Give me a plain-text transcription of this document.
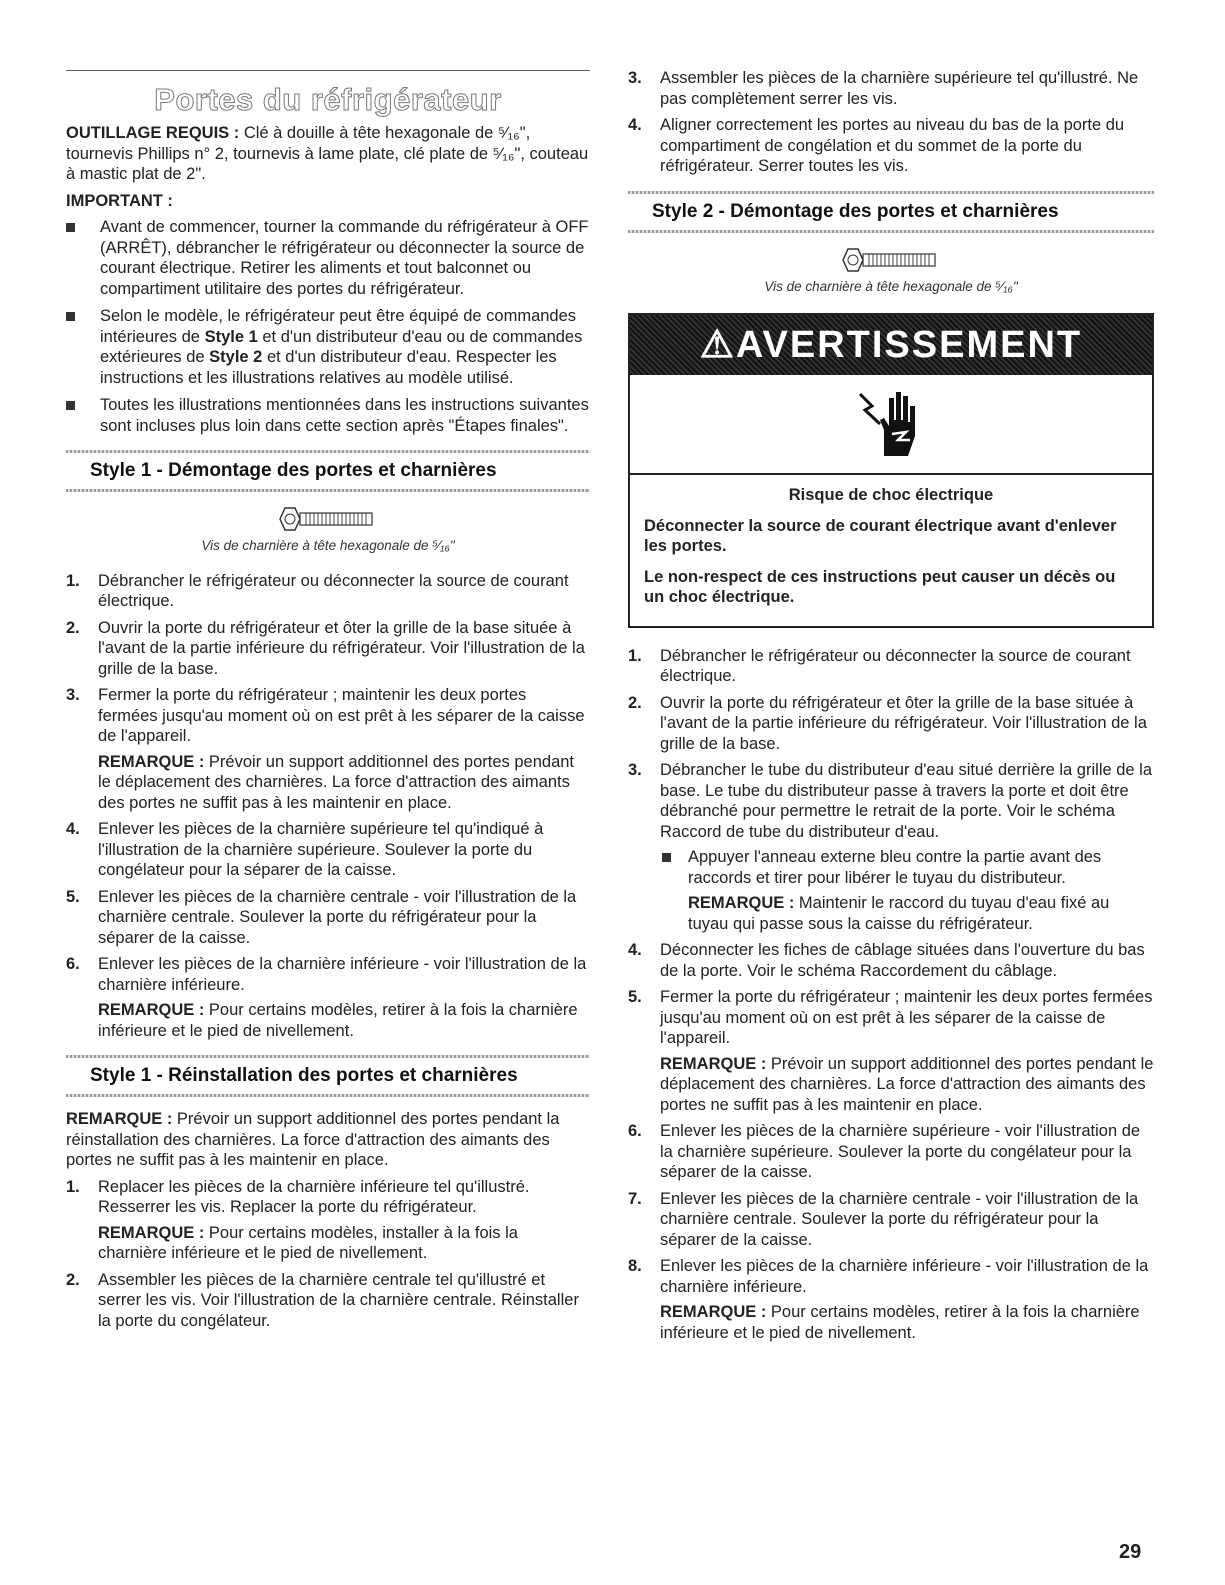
Portes du réfrigérateur

OUTILLAGE REQUIS : Clé à douille à tête hexagonale de ⁵⁄₁₆", tournevis Phillips n° 2, tournevis à lame plate, clé plate de ⁵⁄₁₆", couteau à mastic plat de 2".

IMPORTANT :

Avant de commencer, tourner la commande du réfrigérateur à OFF (ARRÊT), débrancher le réfrigérateur ou déconnecter la source de courant électrique. Retirer les aliments et tout balconnet ou compartiment utilitaire des portes du réfrigérateur.
Selon le modèle, le réfrigérateur peut être équipé de commandes intérieures de Style 1 et d'un distributeur d'eau ou de commandes extérieures de Style 2 et d'un distributeur d'eau. Respecter les instructions et les illustrations relatives au modèle utilisé.
Toutes les illustrations mentionnées dans les instructions suivantes sont incluses plus loin dans cette section après "Étapes finales".
Style 1 - Démontage des portes et charnières
Vis de charnière à tête hexagonale de ⁵⁄₁₆"
1. Débrancher le réfrigérateur ou déconnecter la source de courant électrique.

2. Ouvrir la porte du réfrigérateur et ôter la grille de la base située à l'avant de la partie inférieure du réfrigérateur. Voir l'illustration de la grille de la base.

3. Fermer la porte du réfrigérateur ; maintenir les deux portes fermées jusqu'au moment où on est prêt à les séparer de la caisse de l'appareil.

REMARQUE : Prévoir un support additionnel des portes pendant le déplacement des charnières. La force d'attraction des aimants des portes ne suffit pas à les maintenir en place.

4. Enlever les pièces de la charnière supérieure tel qu'indiqué à l'illustration de la charnière supérieure. Soulever la porte du congélateur pour la séparer de la caisse.

5. Enlever les pièces de la charnière centrale - voir l'illustration de la charnière centrale. Soulever la porte du réfrigérateur pour la séparer de la caisse.

6. Enlever les pièces de la charnière inférieure - voir l'illustration de la charnière inférieure.

REMARQUE : Pour certains modèles, retirer à la fois la charnière inférieure et le pied de nivellement.

Style 1 - Réinstallation des portes et charnières

REMARQUE : Prévoir un support additionnel des portes pendant la réinstallation des charnières. La force d'attraction des aimants des portes ne suffit pas à les maintenir en place.

1. Replacer les pièces de la charnière inférieure tel qu'illustré. Resserrer les vis. Replacer la porte du réfrigérateur.

REMARQUE : Pour certains modèles, installer à la fois la charnière inférieure et le pied de nivellement.

2. Assembler les pièces de la charnière centrale tel qu'illustré et serrer les vis. Voir l'illustration de la charnière centrale. Réinstaller la porte du congélateur.

3. Assembler les pièces de la charnière supérieure tel qu'illustré. Ne pas complètement serrer les vis.

4. Aligner correctement les portes au niveau du bas de la porte du compartiment de congélation et du sommet de la porte du réfrigérateur. Serrer toutes les vis.

Style 2 - Démontage des portes et charnières
Vis de charnière à tête hexagonale de ⁵⁄₁₆"
⚠AVERTISSEMENT
Risque de choc électrique

Déconnecter la source de courant électrique avant d'enlever les portes.

Le non-respect de ces instructions peut causer un décès ou un choc électrique.

1. Débrancher le réfrigérateur ou déconnecter la source de courant électrique.

2. Ouvrir la porte du réfrigérateur et ôter la grille de la base située à l'avant de la partie inférieure du réfrigérateur. Voir l'illustration de la grille de la base.

3. Débrancher le tube du distributeur d'eau situé derrière la grille de la base. Le tube du distributeur passe à travers la porte et doit être débranché pour permettre le retrait de la porte. Voir le schéma Raccord de tube du distributeur d'eau.

Appuyer l'anneau externe bleu contre la partie avant des raccords et tirer pour libérer le tuyau du distributeur.

REMARQUE : Maintenir le raccord du tuyau d'eau fixé au tuyau qui passe sous la caisse du réfrigérateur.

4. Déconnecter les fiches de câblage situées dans l'ouverture du bas de la porte. Voir le schéma Raccordement du câblage.

5. Fermer la porte du réfrigérateur ; maintenir les deux portes fermées jusqu'au moment où on est prêt à les séparer de la caisse de l'appareil.

REMARQUE : Prévoir un support additionnel des portes pendant le déplacement des charnières. La force d'attraction des aimants des portes ne suffit pas à les maintenir en place.

6. Enlever les pièces de la charnière supérieure - voir l'illustration de la charnière supérieure. Soulever la porte du congélateur pour la séparer de la caisse.

7. Enlever les pièces de la charnière centrale - voir l'illustration de la charnière centrale. Soulever la porte du réfrigérateur pour la séparer de la caisse.

8. Enlever les pièces de la charnière inférieure - voir l'illustration de la charnière inférieure.

REMARQUE : Pour certains modèles, retirer à la fois la charnière inférieure et le pied de nivellement.

29
